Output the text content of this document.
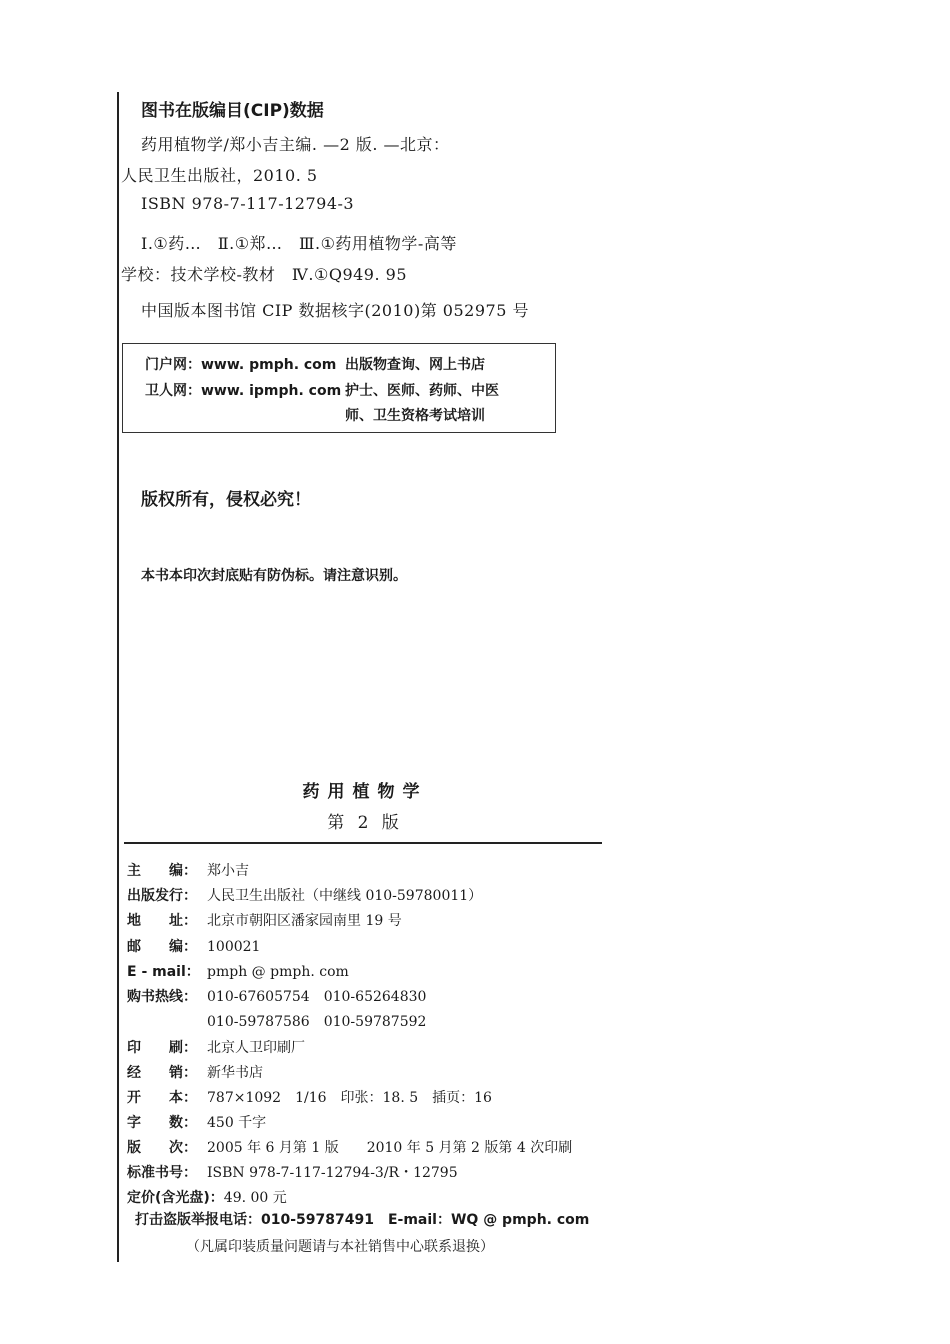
图书在版编目(CIP)数据
药用植物学/郑小吉主编. —2 版. —北京：
人民卫生出版社，2010. 5
ISBN 978-7-117-12794-3
Ⅰ.①药…　Ⅱ.①郑…　Ⅲ.①药用植物学-高等
学校：技术学校-教材　Ⅳ.①Q949. 95
中国版本图书馆 CIP 数据核字(2010)第 052975 号
门户网：www. pmph. com 出版物查询、网上书店
卫人网：www. ipmph. com 护士、医师、药师、中医
师、卫生资格考试培训
版权所有，侵权必究！
本书本印次封底贴有防伪标。请注意识别。
药用植物学
第 2 版
主　　编： 郑小吉
出版发行： 人民卫生出版社（中继线 010-59780011）
地　　址： 北京市朝阳区潘家园南里 19 号
邮　　编： 100021
E - mail： pmph @ pmph. com
购书热线： 010-67605754　010-65264830
010-59787586　010-59787592
印　　刷： 北京人卫印刷厂
经　　销： 新华书店
开　　本： 787×1092　1/16　印张：18. 5　插页：16
字　　数： 450 千字
版　　次： 2005 年 6 月第 1 版　　2010 年 5 月第 2 版第 4 次印刷
标准书号： ISBN 978-7-117-12794-3/R・12795
定价(含光盘)：49. 00 元
打击盗版举报电话：010-59787491　E-mail：WQ @ pmph. com
（凡属印装质量问题请与本社销售中心联系退换）
